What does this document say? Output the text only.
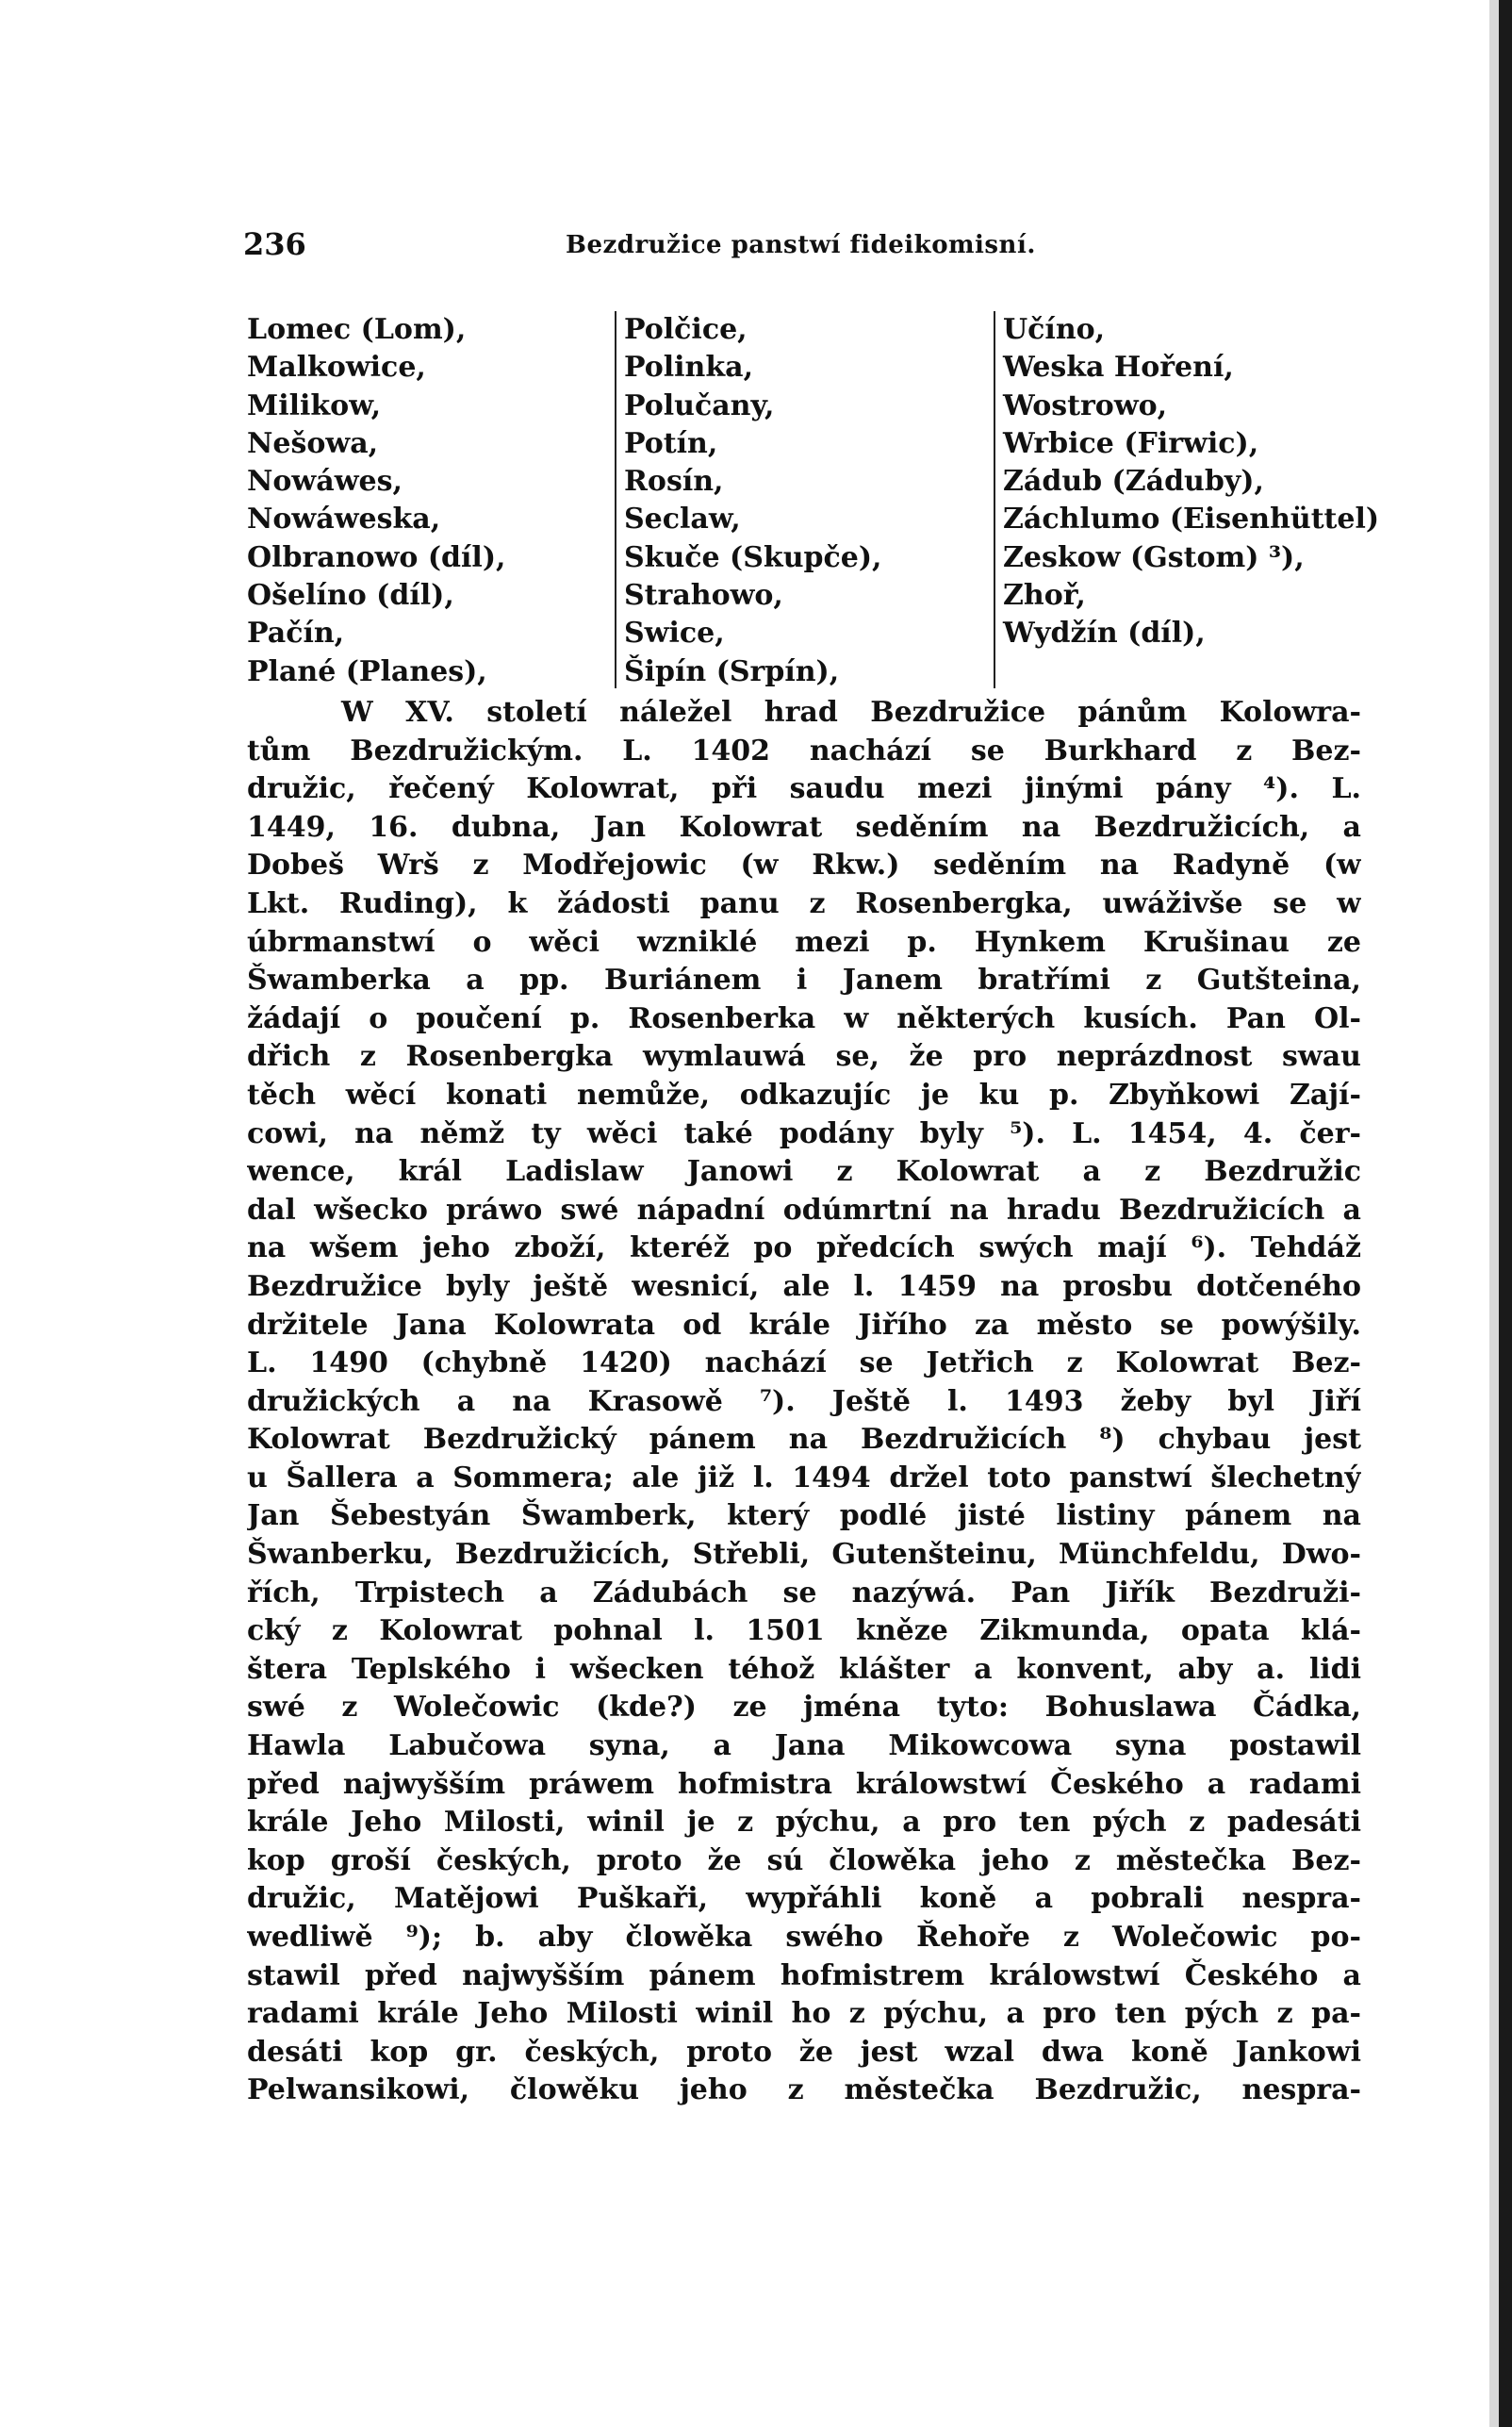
236	Bezdružice panstwí fideikomisní.
Lomec (Lom),
Malkowice,
Milikow,
Nešowa,
Nowáwes,
Nowáweska,
Olbranowo (díl),
Ošelíno (díl),
Pačín,
Plané (Planes),
Polčice,
Polinka,
Polučany,
Potín,
Rosín,
Seclaw,
Skuče (Skupče),
Strahowo,
Swice,
Šipín (Srpín),
Učíno,
Weska Hoření,
Wostrowo,
Wrbice (Firwic),
Zádub (Záduby),
Záchlumo (Eisenhüttel)
Zeskow (Gstom) ³),
Zhoř,
Wydžín (díl),
W XV. století náležel hrad Bezdružice pánům Kolowra-
tům Bezdružickým. L. 1402 nachází se Burkhard z Bez-
družic, řečený Kolowrat, při saudu mezi jinými pány ⁴). L.
1449, 16. dubna, Jan Kolowrat seděním na Bezdružicích, a
Dobeš Wrš z Modřejowic (w Rkw.) seděním na Radyně (w
Lkt. Ruding), k žádosti panu z Rosenbergka, uwáživše se w
úbrmanstwí o wěci wzniklé mezi p. Hynkem Krušinau ze
Šwamberka a pp. Buriánem i Janem bratřími z Gutšteina,
žádají o poučení p. Rosenberka w některých kusích. Pan Ol-
dřich z Rosenbergka wymlauwá se, že pro neprázdnost swau
těch wěcí konati nemůže, odkazujíc je ku p. Zbyňkowi Zají-
cowi, na němž ty wěci také podány byly ⁵). L. 1454, 4. čer-
wence, král Ladislaw Janowi z Kolowrat a z Bezdružic
dal wšecko práwo swé nápadní odúmrtní na hradu Bezdružicích a
na wšem jeho zboží, kteréž po předcích swých mají ⁶). Tehdáž
Bezdružice byly ještě wesnicí, ale l. 1459 na prosbu dotčeného
držitele Jana Kolowrata od krále Jiřího za město se powýšily.
L. 1490 (chybně 1420) nachází se Jetřich z Kolowrat Bez-
družických a na Krasowě ⁷). Ještě l. 1493 žeby byl Jiří
Kolowrat Bezdružický pánem na Bezdružicích ⁸) chybau jest
u Šallera a Sommera; ale již l. 1494 držel toto panstwí šlechetný
Jan Šebestyán Šwamberk, který podlé jisté listiny pánem na
Šwanberku, Bezdružicích, Střebli, Gutenšteinu, Münchfeldu, Dwo-
řích, Trpistech a Zádubách se nazýwá. Pan Jiřík Bezdruži-
cký z Kolowrat pohnal l. 1501 kněze Zikmunda, opata klá-
štera Teplského i wšecken téhož klášter a konvent, aby a. lidi
swé z Wolečowic (kde?) ze jména tyto: Bohuslawa Čádka,
Hawla Labučowa syna, a Jana Mikowcowa syna postawil
před najwyšším práwem hofmistra králowstwí Českého a radami
krále Jeho Milosti, winil je z pýchu, a pro ten pých z padesáti
kop groší českých, proto že sú člowěka jeho z městečka Bez-
družic, Matějowi Puškaři, wypřáhli koně a pobrali nespra-
wedliwě ⁹); b. aby člowěka swého Řehoře z Wolečowic po-
stawil před najwyšším pánem hofmistrem králowstwí Českého a
radami krále Jeho Milosti winil ho z pýchu, a pro ten pých z pa-
desáti kop gr. českých, proto že jest wzal dwa koně Jankowi
Pelwansikowi, člowěku jeho z městečka Bezdružic, nespra-
